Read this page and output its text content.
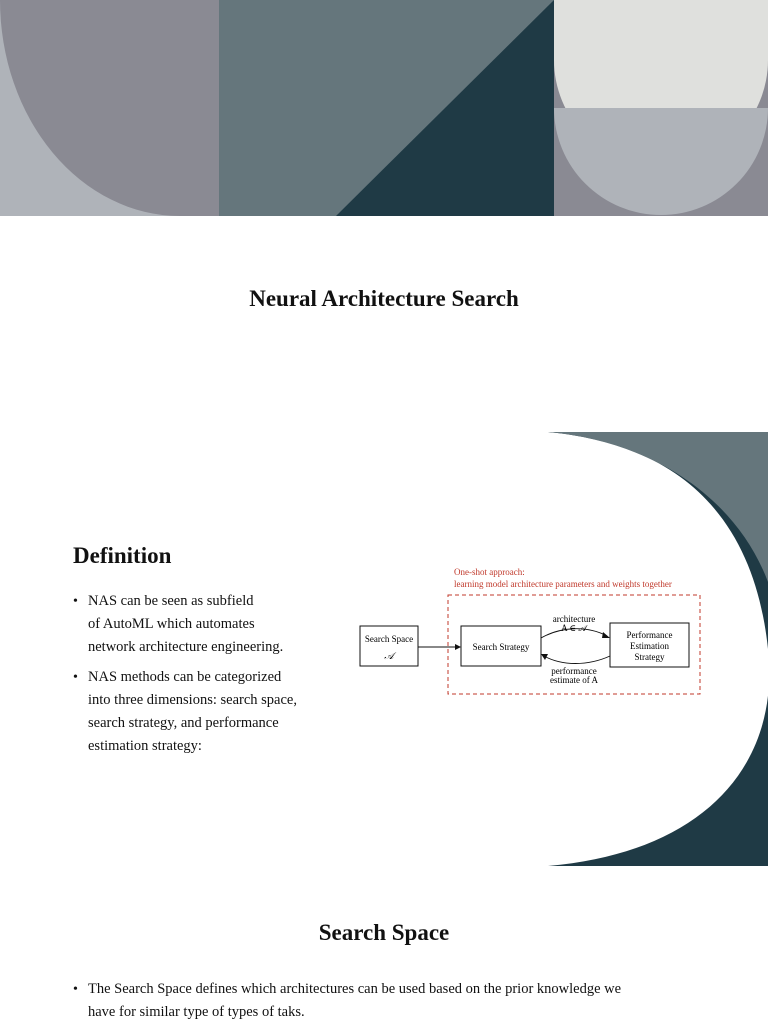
Neural Architecture Search
Definition
• NAS can be seen as subfield
of AutoML which automates
network architecture engineering.
• NAS methods can be categorized
into three dimensions: search space,
search strategy, and performance
estimation strategy:
One-shot approach:
learning model architecture parameters and weights together
Search Space
𝒜
Search Strategy
Performance
Estimation
Strategy
architecture
A ∈ 𝒜
performance
estimate of A
Search Space
• The Search Space defines which architectures can be used based on the prior knowledge we
have for similar type of types of taks.
